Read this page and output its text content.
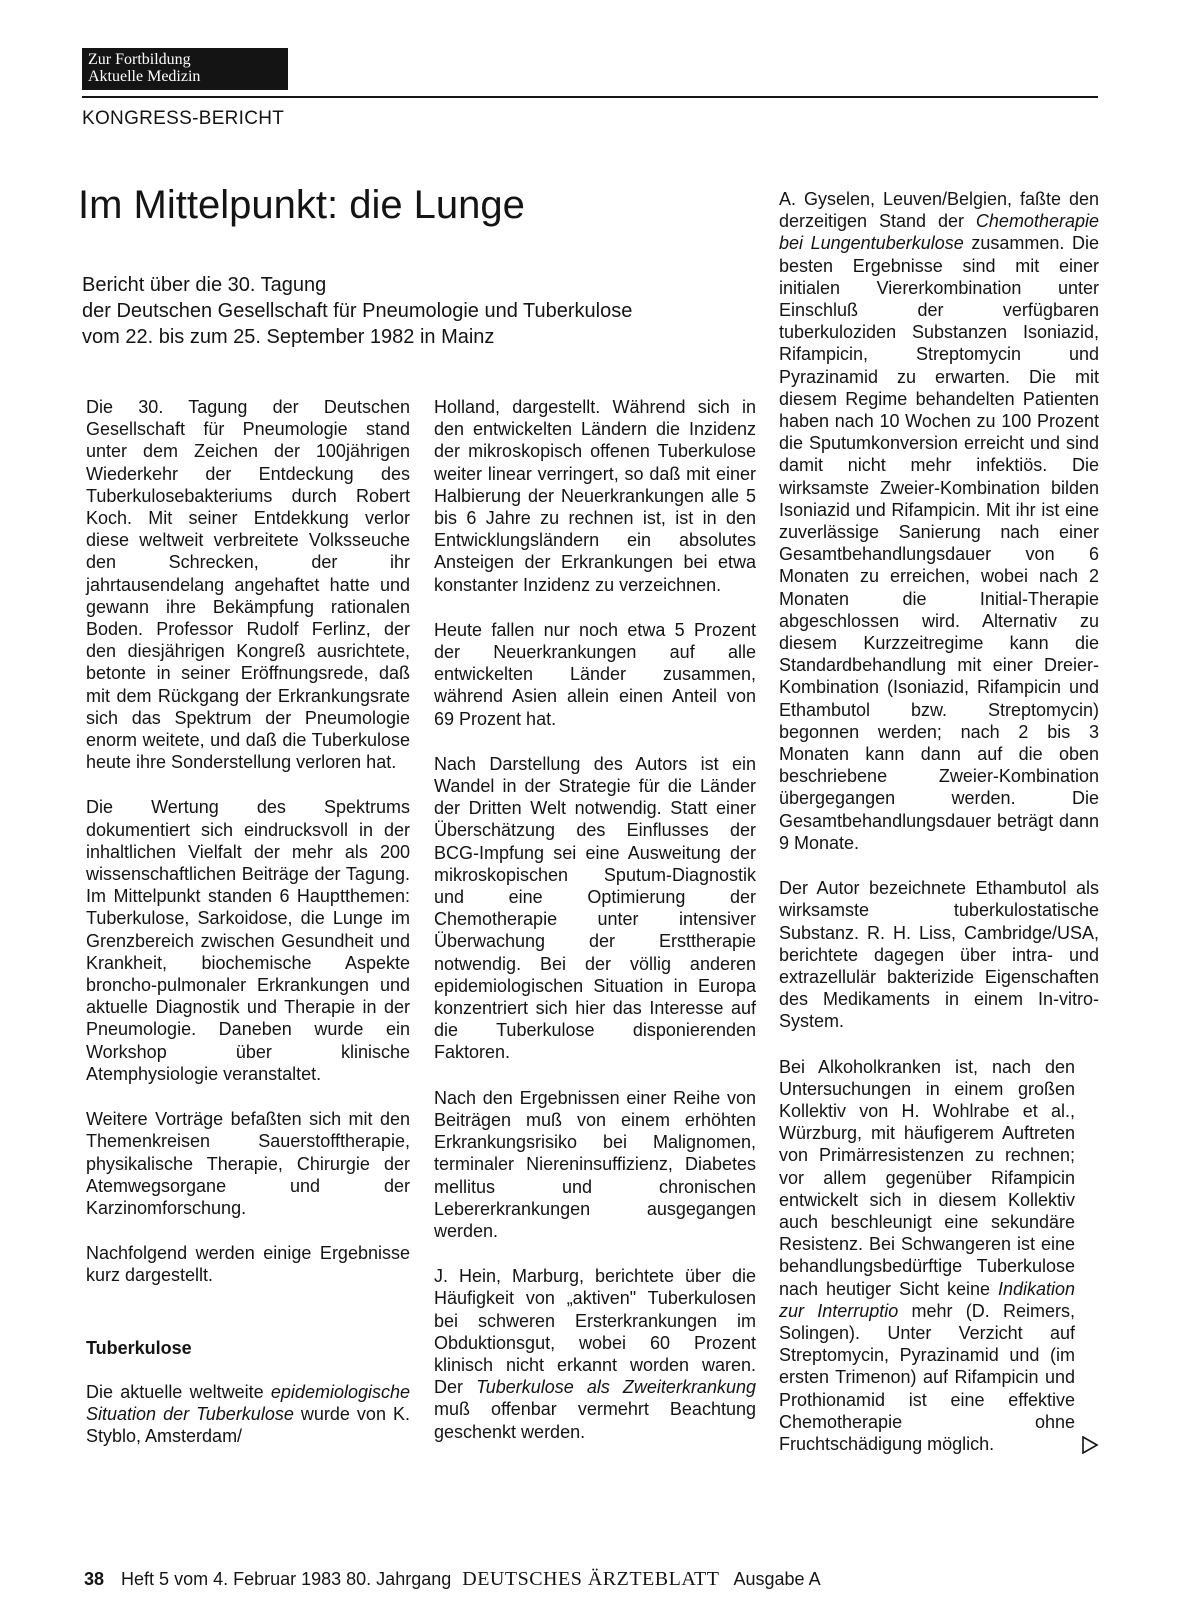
Zur Fortbildung
Aktuelle Medizin
KONGRESS-BERICHT
Im Mittelpunkt: die Lunge
Bericht über die 30. Tagung
der Deutschen Gesellschaft für Pneumologie und Tuberkulose
vom 22. bis zum 25. September 1982 in Mainz

Die 30. Tagung der Deutschen Gesellschaft für Pneumologie stand unter dem Zeichen der 100jährigen Wiederkehr der Entdeckung des Tuberkulosebakteriums durch Robert Koch. Mit seiner Entdekkung verlor diese weltweit verbreitete Volksseuche den Schrecken, der ihr jahrtausendelang angehaftet hatte und gewann ihre Bekämpfung rationalen Boden. Professor Rudolf Ferlinz, der den diesjährigen Kongreß ausrichtete, betonte in seiner Eröffnungsrede, daß mit dem Rückgang der Erkrankungsrate sich das Spektrum der Pneumologie enorm weitete, und daß die Tuberkulose heute ihre Sonderstellung verloren hat.

Die Wertung des Spektrums dokumentiert sich eindrucksvoll in der inhaltlichen Vielfalt der mehr als 200 wissenschaftlichen Beiträge der Tagung. Im Mittelpunkt standen 6 Hauptthemen: Tuberkulose, Sarkoidose, die Lunge im Grenzbereich zwischen Gesundheit und Krankheit, biochemische Aspekte broncho-pulmonaler Erkrankungen und aktuelle Diagnostik und Therapie in der Pneumologie. Daneben wurde ein Workshop über klinische Atemphysiologie veranstaltet.

Weitere Vorträge befaßten sich mit den Themenkreisen Sauerstofftherapie, physikalische Therapie, Chirurgie der Atemwegsorgane und der Karzinomforschung.

Nachfolgend werden einige Ergebnisse kurz dargestellt.

Tuberkulose

Die aktuelle weltweite epidemiologische Situation der Tuberkulose wurde von K. Styblo, Amsterdam/

Holland, dargestellt. Während sich in den entwickelten Ländern die Inzidenz der mikroskopisch offenen Tuberkulose weiter linear verringert, so daß mit einer Halbierung der Neuerkrankungen alle 5 bis 6 Jahre zu rechnen ist, ist in den Entwicklungsländern ein absolutes Ansteigen der Erkrankungen bei etwa konstanter Inzidenz zu verzeichnen.

Heute fallen nur noch etwa 5 Prozent der Neuerkrankungen auf alle entwickelten Länder zusammen, während Asien allein einen Anteil von 69 Prozent hat.

Nach Darstellung des Autors ist ein Wandel in der Strategie für die Länder der Dritten Welt notwendig. Statt einer Überschätzung des Einflusses der BCG-Impfung sei eine Ausweitung der mikroskopischen Sputum-Diagnostik und eine Optimierung der Chemotherapie unter intensiver Überwachung der Ersttherapie notwendig. Bei der völlig anderen epidemiologischen Situation in Europa konzentriert sich hier das Interesse auf die Tuberkulose disponierenden Faktoren.

Nach den Ergebnissen einer Reihe von Beiträgen muß von einem erhöhten Erkrankungsrisiko bei Malignomen, terminaler Niereninsuffizienz, Diabetes mellitus und chronischen Lebererkrankungen ausgegangen werden.

J. Hein, Marburg, berichtete über die Häufigkeit von „aktiven" Tuberkulosen bei schweren Ersterkrankungen im Obduktionsgut, wobei 60 Prozent klinisch nicht erkannt worden waren. Der Tuberkulose als Zweiterkrankung muß offenbar vermehrt Beachtung geschenkt werden.

A. Gyselen, Leuven/Belgien, faßte den derzeitigen Stand der Chemotherapie bei Lungentuberkulose zusammen. Die besten Ergebnisse sind mit einer initialen Viererkombination unter Einschluß der verfügbaren tuberkuloziden Substanzen Isoniazid, Rifampicin, Streptomycin und Pyrazinamid zu erwarten. Die mit diesem Regime behandelten Patienten haben nach 10 Wochen zu 100 Prozent die Sputumkonversion erreicht und sind damit nicht mehr infektiös. Die wirksamste Zweier-Kombination bilden Isoniazid und Rifampicin. Mit ihr ist eine zuverlässige Sanierung nach einer Gesamtbehandlungsdauer von 6 Monaten zu erreichen, wobei nach 2 Monaten die Initial-Therapie abgeschlossen wird. Alternativ zu diesem Kurzzeitregime kann die Standardbehandlung mit einer Dreier-Kombination (Isoniazid, Rifampicin und Ethambutol bzw. Streptomycin) begonnen werden; nach 2 bis 3 Monaten kann dann auf die oben beschriebene Zweier-Kombination übergegangen werden. Die Gesamtbehandlungsdauer beträgt dann 9 Monate.

Der Autor bezeichnete Ethambutol als wirksamste tuberkulostatische Substanz. R. H. Liss, Cambridge/USA, berichtete dagegen über intra- und extrazellulär bakterizide Eigenschaften des Medikaments in einem In-vitro-System.

Bei Alkoholkranken ist, nach den Untersuchungen in einem großen Kollektiv von H. Wohlrabe et al., Würzburg, mit häufigerem Auftreten von Primärresistenzen zu rechnen; vor allem gegenüber Rifampicin entwickelt sich in diesem Kollektiv auch beschleunigt eine sekundäre Resistenz. Bei Schwangeren ist eine behandlungsbedürftige Tuberkulose nach heutiger Sicht keine Indikation zur Interruptio mehr (D. Reimers, Solingen). Unter Verzicht auf Streptomycin, Pyrazinamid und (im ersten Trimenon) auf Rifampicin und Prothionamid ist eine effektive Chemotherapie ohne Fruchtschädigung möglich.

38 Heft 5 vom 4. Februar 1983 80. Jahrgang DEUTSCHES ÄRZTEBLATT Ausgabe A
